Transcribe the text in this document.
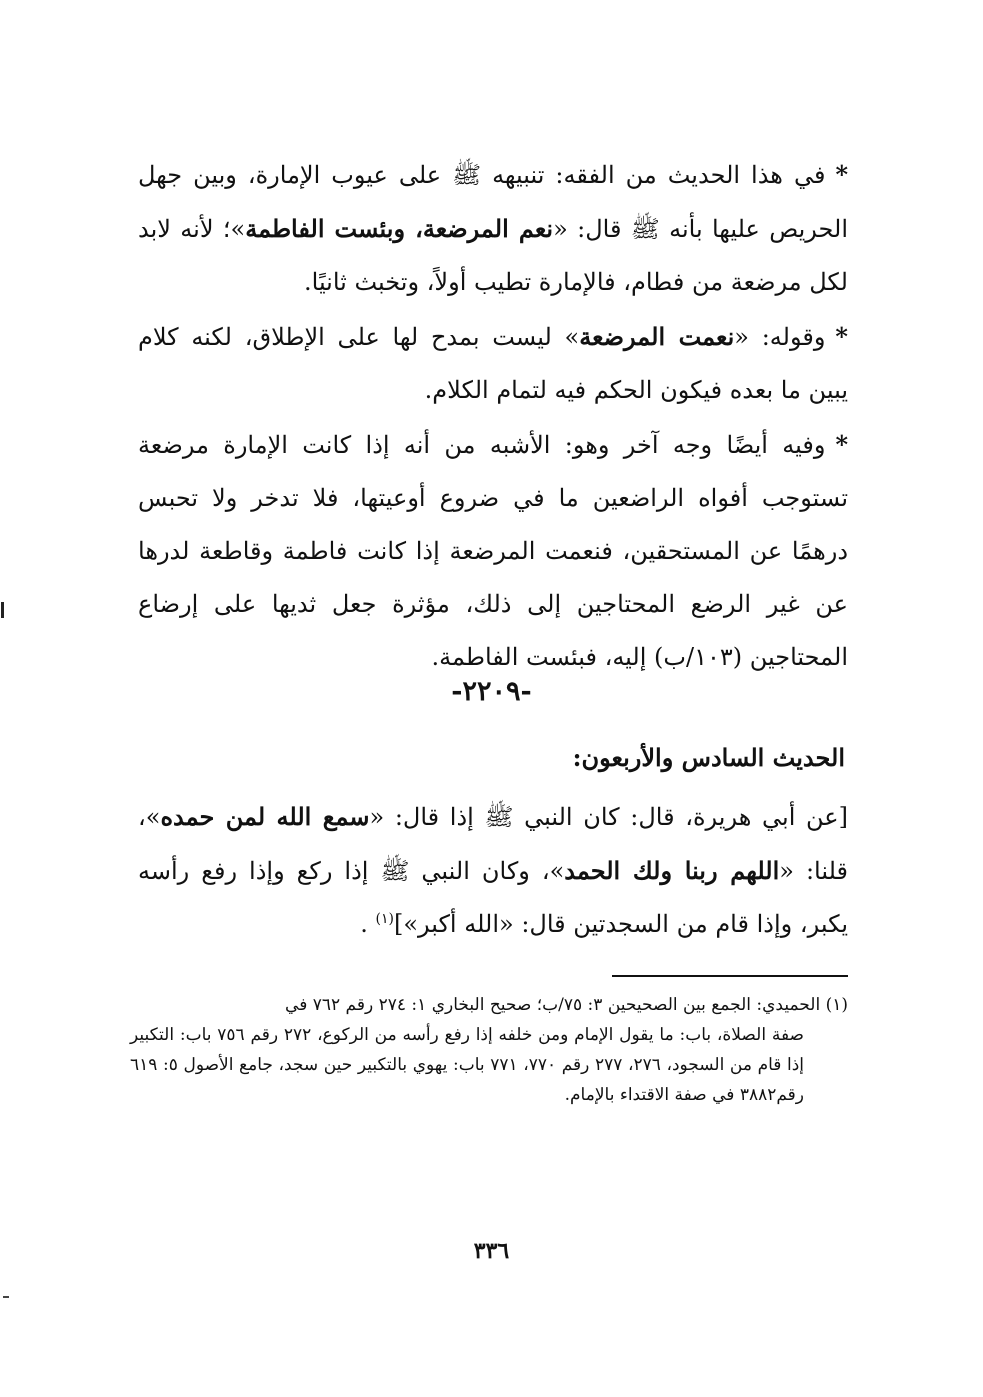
*في هذا الحديث من الفقه: تنبيهه ﷺ على عيوب الإمارة، وبين جهل الحريص عليها بأنه ﷺ قال: «نعم المرضعة، وبئست الفاطمة»؛ لأنه لابد لكل مرضعة من فطام، فالإمارة تطيب أولاً، وتخبث ثانيًا.
*وقوله: «نعمت المرضعة» ليست بمدح لها على الإطلاق، لكنه كلام يبين ما بعده فيكون الحكم فيه لتمام الكلام.
*وفيه أيضًا وجه آخر وهو: الأشبه من أنه إذا كانت الإمارة مرضعة تستوجب أفواه الراضعين ما في ضروع أوعيتها، فلا تدخر ولا تحبس درهمًا عن المستحقين، فنعمت المرضعة إذا كانت فاطمة وقاطعة لدرها عن غير الرضع المحتاجين إلى ذلك، مؤثرة جعل ثديها على إرضاع المحتاجين (١٠٣/ب) إليه، فبئست الفاطمة.
-٢٢٠٩-
الحديث السادس والأربعون:
[عن أبي هريرة، قال: كان النبي ﷺ إذا قال: «سمع الله لمن حمده»، قلنا: «اللهم ربنا ولك الحمد»، وكان النبي ﷺ إذا ركع وإذا رفع رأسه يكبر، وإذا قام من السجدتين قال: «الله أكبر»]$^{(١)}$ .
(١) الحميدي: الجمع بين الصحيحين ٣: ٧٥/ب؛ صحيح البخاري ١: ٢٧٤ رقم ٧٦٢ في
صفة الصلاة، باب: ما يقول الإمام ومن خلفه إذا رفع رأسه من الركوع، ٢٧٢ رقم ٧٥٦ باب: التكبير إذا قام من السجود، ٢٧٦، ٢٧٧ رقم ٧٧٠، ٧٧١ باب: يهوي بالتكبير حين سجد، جامع الأصول ٥: ٦١٩ رقم٣٨٨٢ في صفة الاقتداء بالإمام.
٣٣٦
